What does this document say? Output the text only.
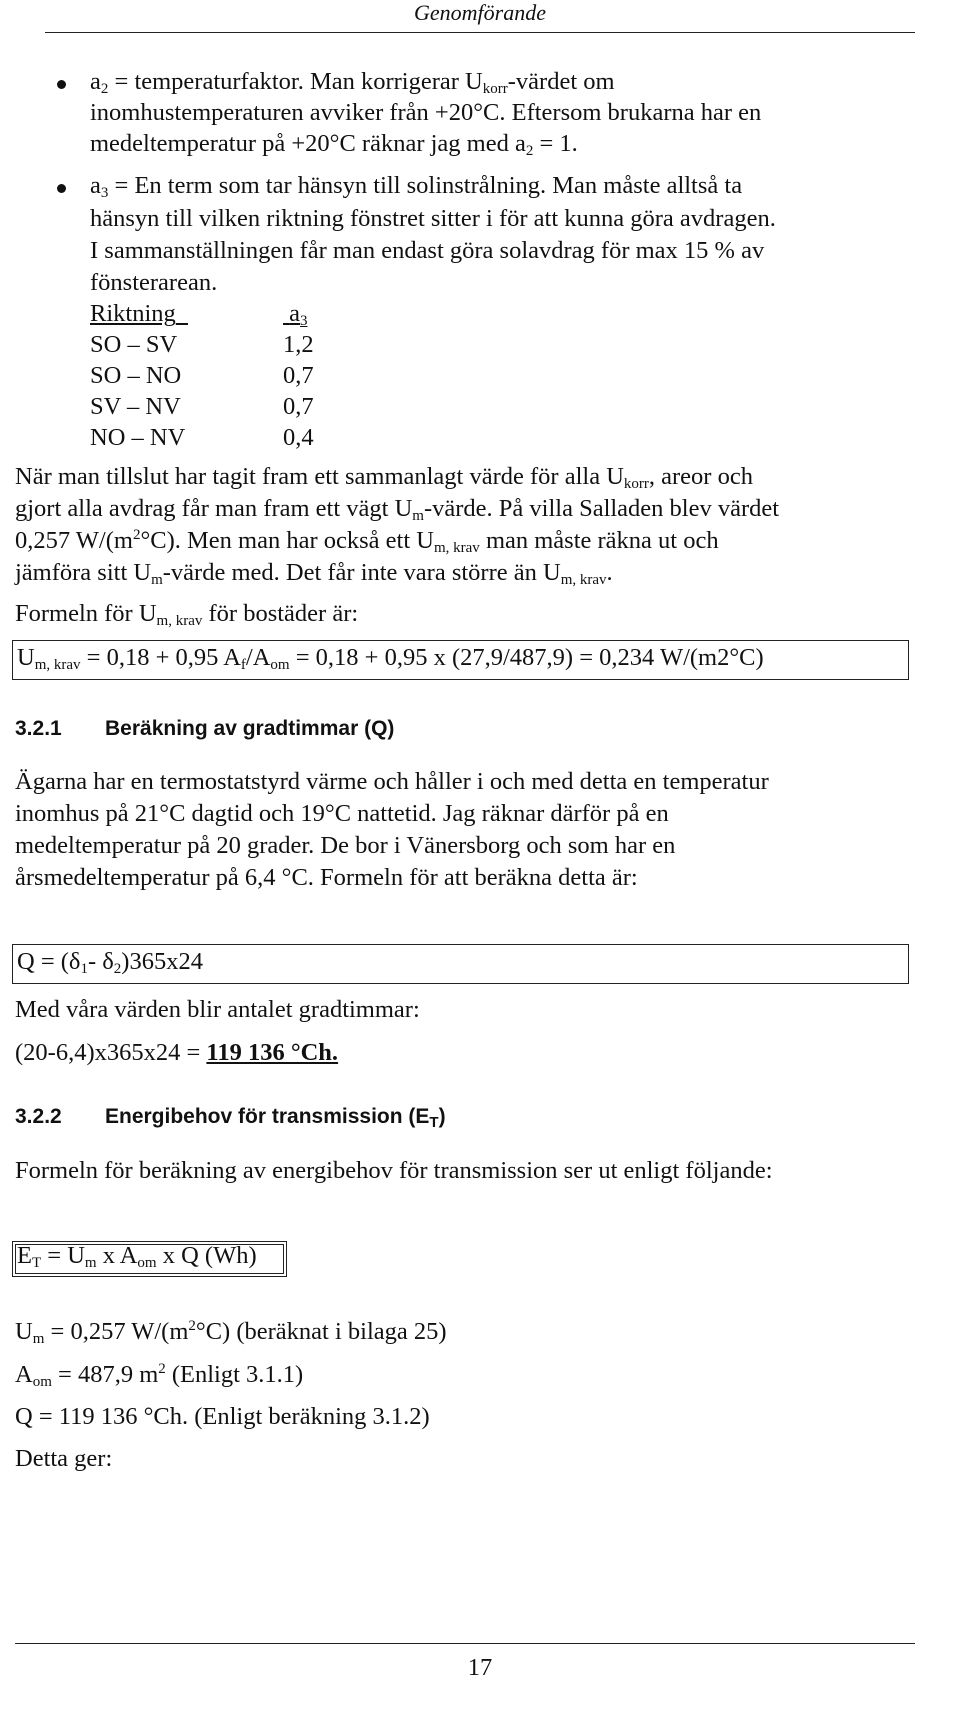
Genomförande
$a_2$ = temperaturfaktor. Man korrigerar $U_{korr}$-värdet om
inomhustemperaturen avviker från +20°C. Eftersom brukarna har en
medeltemperatur på +20°C räknar jag med $a_2 = 1$.
$a_3 = En$ term som tar hänsyn till solinstrålning. Man måste alltså ta
hänsyn till vilken riktning fönstret sitter i för att kunna göra avdragen.
I sammanställningen får man endast göra solavdrag för max 15 % av
fönsterarean.
Riktning	$a_3$
SO – SV	1,2
SO – NO	0,7
SV – NV	0,7
NO – NV	0,4
När man tillslut har tagit fram ett sammanlagt värde för alla $U_{korr}$, areor och
gjort alla avdrag får man fram ett vägt $U_m$-värde. På villa Salladen blev värdet
0,257 $W/(m^2^\circ C)$. Men man har också ett $U_{m, krav}$ man måste räkna ut och
jämföra sitt $U_m$-värde med. Det får inte vara större än $U_{m, krav}$.
Formeln för $U_{m, krav}$ för bostäder är:
$U_{m, krav} = 0,18 + 0,95$ $A_f/A_{om} = 0,18 + 0,95$ x (27,9/487,9) = 0,234 W/(m2°C)
3.2.1 Beräkning av gradtimmar (Q)
Ägarna har en termostatstyrd värme och håller i och med detta en temperatur
inomhus på 21°C dagtid och 19°C nattetid. Jag räknar därför på en
medeltemperatur på 20 grader. De bor i Vänersborg och som har en
årsmedeltemperatur på 6,4 °C. Formeln för att beräkna detta är:
$Q = (\delta_1-$ $\delta_2)365x24$
Med våra värden blir antalet gradtimmar:
(20-6,4)x365x24 = 119 136 °Ch.
3.2.2 Energibehov för transmission $(E_T)$
Formeln för beräkning av energibehov för transmission ser ut enligt följande:
$E_T = U_m$ x $A_{om}$ x Q (Wh)
$U_m = 0,257$ $W/(m^2^\circ C)$ (beräknat i bilaga 25)
$A_{om} = 487,9$ $m^2$ (Enligt 3.1.1)
Q = 119 136 °Ch. (Enligt beräkning 3.1.2)
Detta ger:
17
